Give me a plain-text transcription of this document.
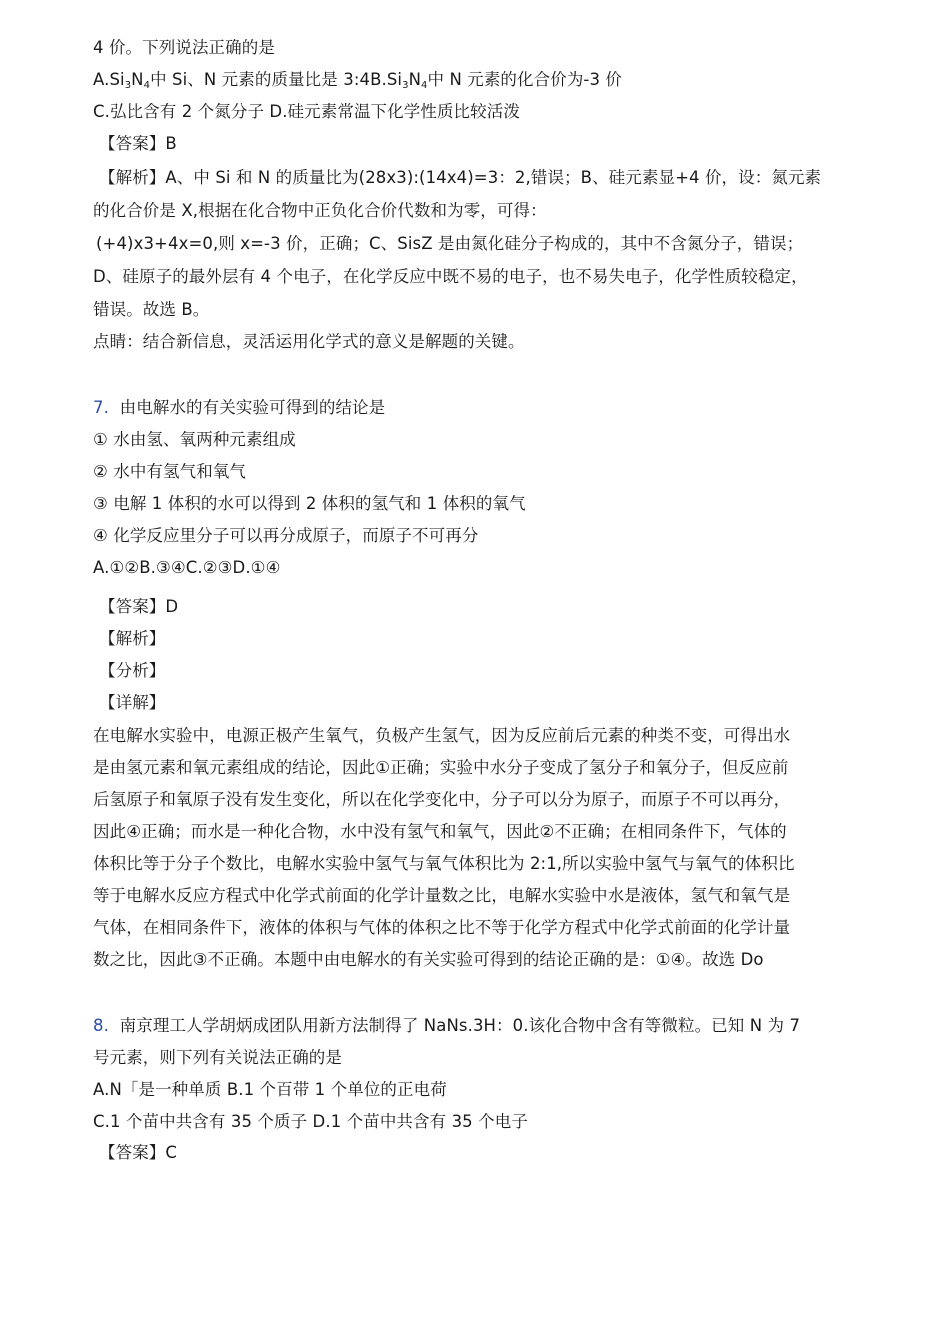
4 价。下列说法正确的是
$A.Si_3N_4$中 Si、N 元素的质量比是 $3:4B.Si_3N_4$中 N 元素的化合价为-3 价
C.弘比含有 2 个氮分子 D.硅元素常温下化学性质比较活泼
【答案】B
【解析】A、中 Si 和 N 的质量比为(28x3):(14x4)=3：2,错误；B、硅元素显+4 价，设：氮元素
的化合价是 X,根据在化合物中正负化合价代数和为零，可得：
(+4)x3+4x=0,则 x=-3 价，正确；C、SisZ 是由氮化硅分子构成的，其中不含氮分子，错误；
D、硅原子的最外层有 4 个电子，在化学反应中既不易的电子，也不易失电子，化学性质较稳定，
错误。故选 B。
点睛：结合新信息，灵活运用化学式的意义是解题的关键。
7. 由电解水的有关实验可得到的结论是
① 水由氢、氧两种元素组成
② 水中有氢气和氧气
③ 电解 1 体积的水可以得到 2 体积的氢气和 1 体积的氧气
④ 化学反应里分子可以再分成原子，而原子不可再分
A.①②B.③④C.②③D.①④
【答案】D
【解析】
【分析】
【详解】
在电解水实验中，电源正极产生氧气，负极产生氢气，因为反应前后元素的种类不变，可得出水
是由氢元素和氧元素组成的结论，因此①正确；实验中水分子变成了氢分子和氧分子，但反应前
后氢原子和氧原子没有发生变化，所以在化学变化中，分子可以分为原子，而原子不可以再分，
因此④正确；而水是一种化合物，水中没有氢气和氧气，因此②不正确；在相同条件下，气体的
体积比等于分子个数比，电解水实验中氢气与氧气体积比为 2:1,所以实验中氢气与氧气的体积比
等于电解水反应方程式中化学式前面的化学计量数之比，电解水实验中水是液体，氢气和氧气是
气体，在相同条件下，液体的体积与气体的体积之比不等于化学方程式中化学式前面的化学计量
数之比，因此③不正确。本题中由电解水的有关实验可得到的结论正确的是：①④。故选 Do
8. 南京理工人学胡炳成团队用新方法制得了 NaNs.3H：0.该化合物中含有等微粒。已知 N 为 7
号元素，则下列有关说法正确的是
A.N「是一种单质 B.1 个百带 1 个单位的正电荷
C.1 个苗中共含有 35 个质子 D.1 个苗中共含有 35 个电子
【答案】C
